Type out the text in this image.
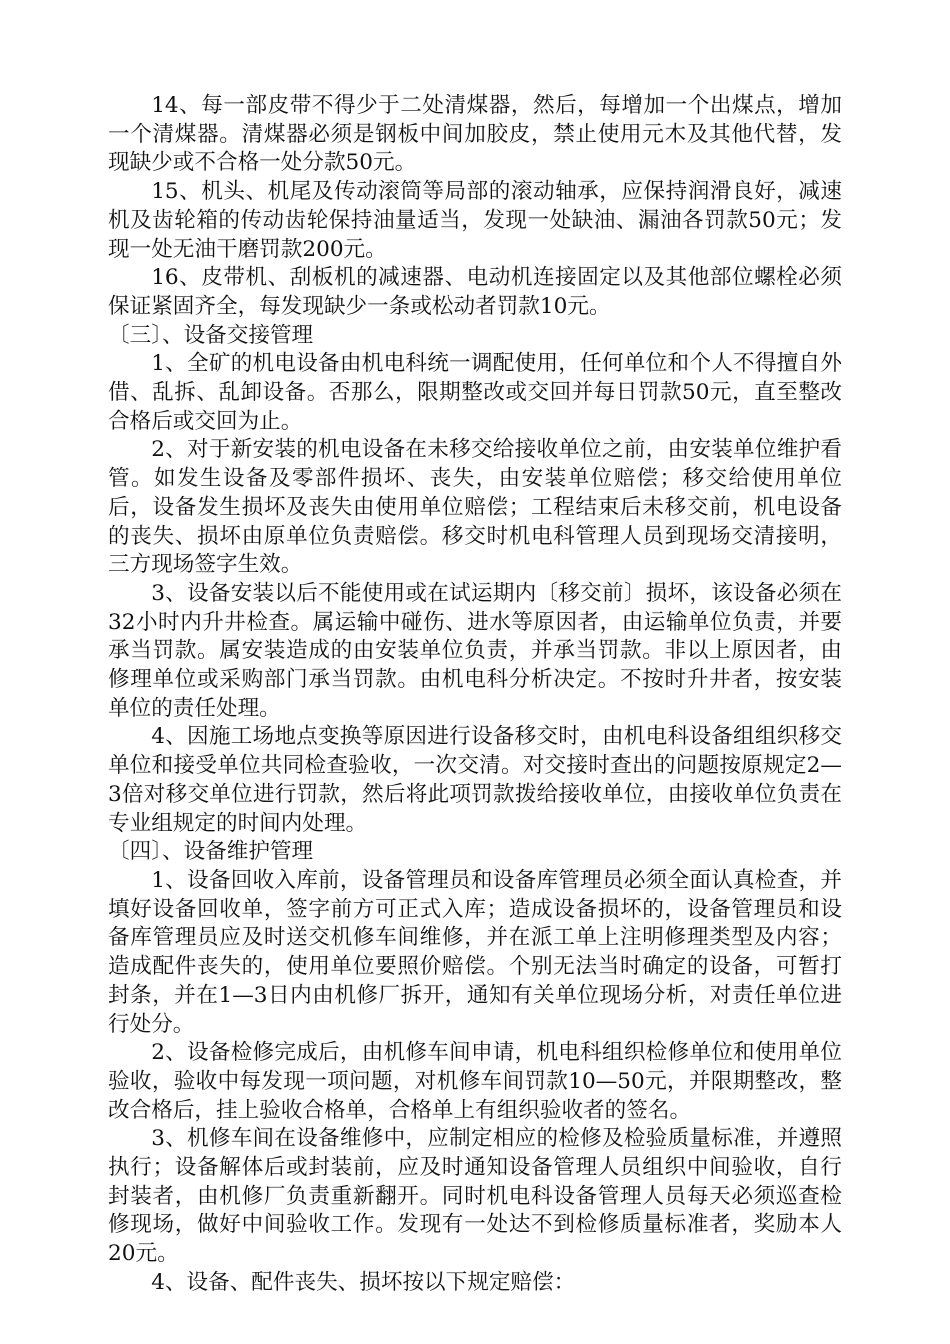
14、每一部皮带不得少于二处清煤器，然后，每增加一个出煤点，增加一个清煤器。清煤器必须是钢板中间加胶皮，禁止使用元木及其他代替，发现缺少或不合格一处分款50元。

15、机头、机尾及传动滚筒等局部的滚动轴承，应保持润滑良好，减速机及齿轮箱的传动齿轮保持油量适当，发现一处缺油、漏油各罚款50元；发现一处无油干磨罚款200元。

16、皮带机、刮板机的减速器、电动机连接固定以及其他部位螺栓必须保证紧固齐全，每发现缺少一条或松动者罚款10元。

〔三〕、设备交接管理

1、全矿的机电设备由机电科统一调配使用，任何单位和个人不得擅自外借、乱拆、乱卸设备。否那么，限期整改或交回并每日罚款50元，直至整改合格后或交回为止。

2、对于新安装的机电设备在未移交给接收单位之前，由安装单位维护看管。如发生设备及零部件损坏、丧失，由安装单位赔偿；移交给使用单位后，设备发生损坏及丧失由使用单位赔偿；工程结束后未移交前，机电设备的丧失、损坏由原单位负责赔偿。移交时机电科管理人员到现场交清接明，三方现场签字生效。

3、设备安装以后不能使用或在试运期内〔移交前〕损坏，该设备必须在32小时内升井检查。属运输中碰伤、进水等原因者，由运输单位负责，并要承当罚款。属安装造成的由安装单位负责，并承当罚款。非以上原因者，由修理单位或采购部门承当罚款。由机电科分析决定。不按时升井者，按安装单位的责任处理。

4、因施工场地点变换等原因进行设备移交时，由机电科设备组组织移交单位和接受单位共同检查验收，一次交清。对交接时查出的问题按原规定2—3倍对移交单位进行罚款，然后将此项罚款拨给接收单位，由接收单位负责在专业组规定的时间内处理。

〔四〕、设备维护管理

1、设备回收入库前，设备管理员和设备库管理员必须全面认真检查，并填好设备回收单，签字前方可正式入库；造成设备损坏的，设备管理员和设备库管理员应及时送交机修车间维修，并在派工单上注明修理类型及内容；造成配件丧失的，使用单位要照价赔偿。个别无法当时确定的设备，可暂打封条，并在1—3日内由机修厂拆开，通知有关单位现场分析，对责任单位进行处分。

2、设备检修完成后，由机修车间申请，机电科组织检修单位和使用单位验收，验收中每发现一项问题，对机修车间罚款10—50元，并限期整改，整改合格后，挂上验收合格单，合格单上有组织验收者的签名。

3、机修车间在设备维修中，应制定相应的检修及检验质量标准，并遵照执行；设备解体后或封装前，应及时通知设备管理人员组织中间验收，自行封装者，由机修厂负责重新翻开。同时机电科设备管理人员每天必须巡查检修现场，做好中间验收工作。发现有一处达不到检修质量标准者，奖励本人20元。

4、设备、配件丧失、损坏按以下规定赔偿：
